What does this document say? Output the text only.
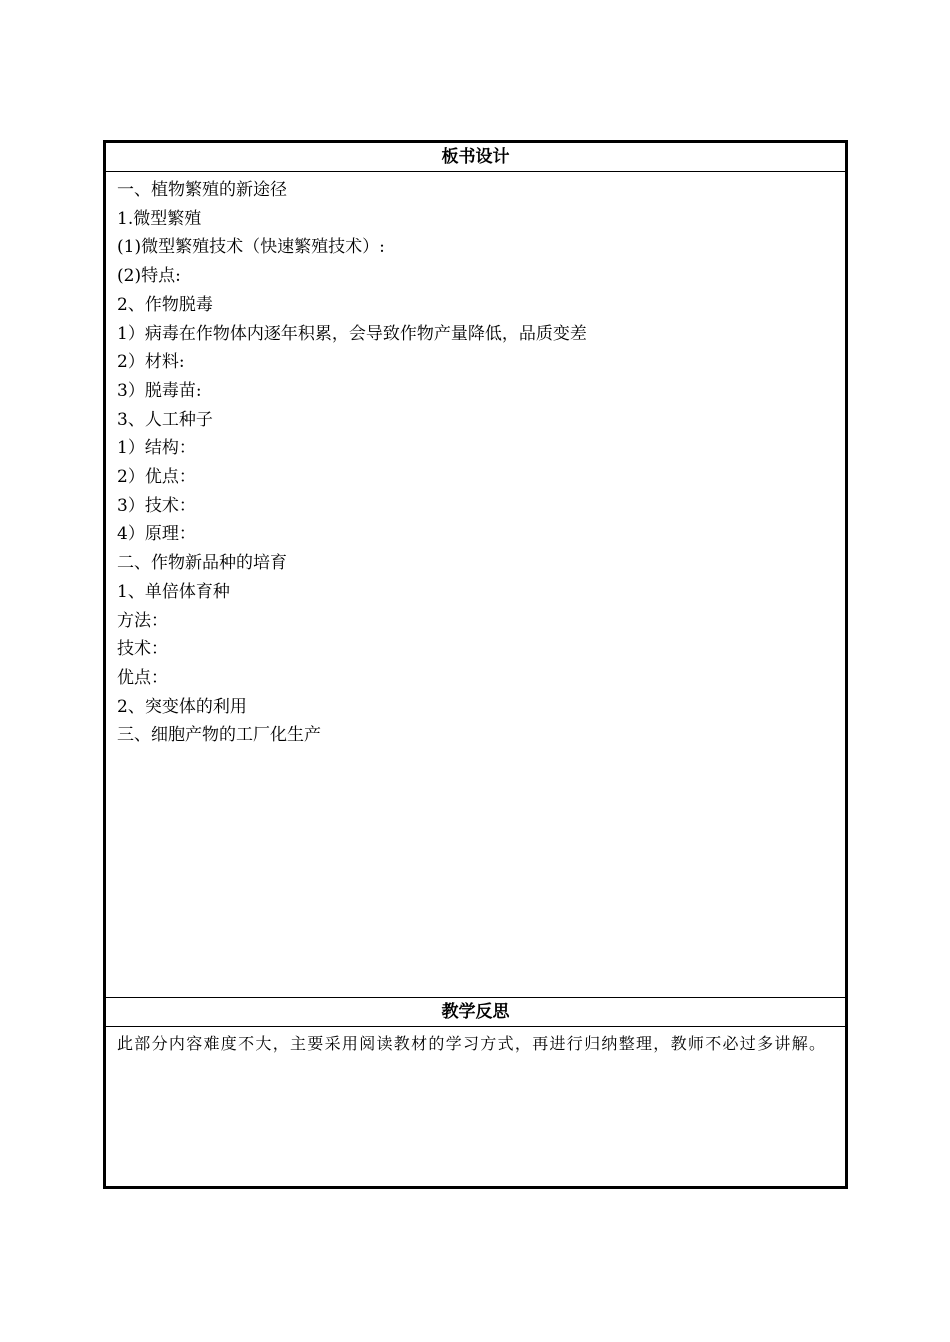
板书设计
一、植物繁殖的新途径
1.微型繁殖
(1)微型繁殖技术（快速繁殖技术）:
(2)特点:
2、作物脱毒
1）病毒在作物体内逐年积累，会导致作物产量降低，品质变差
2）材料:
3）脱毒苗:
3、人工种子
1）结构：
2）优点：
3）技术：
4）原理：
二、作物新品种的培育
1、单倍体育种
方法：
技术：
优点：
2、突变体的利用
三、细胞产物的工厂化生产
教学反思
此部分内容难度不大，主要采用阅读教材的学习方式，再进行归纳整理，教师不必过多讲解。
